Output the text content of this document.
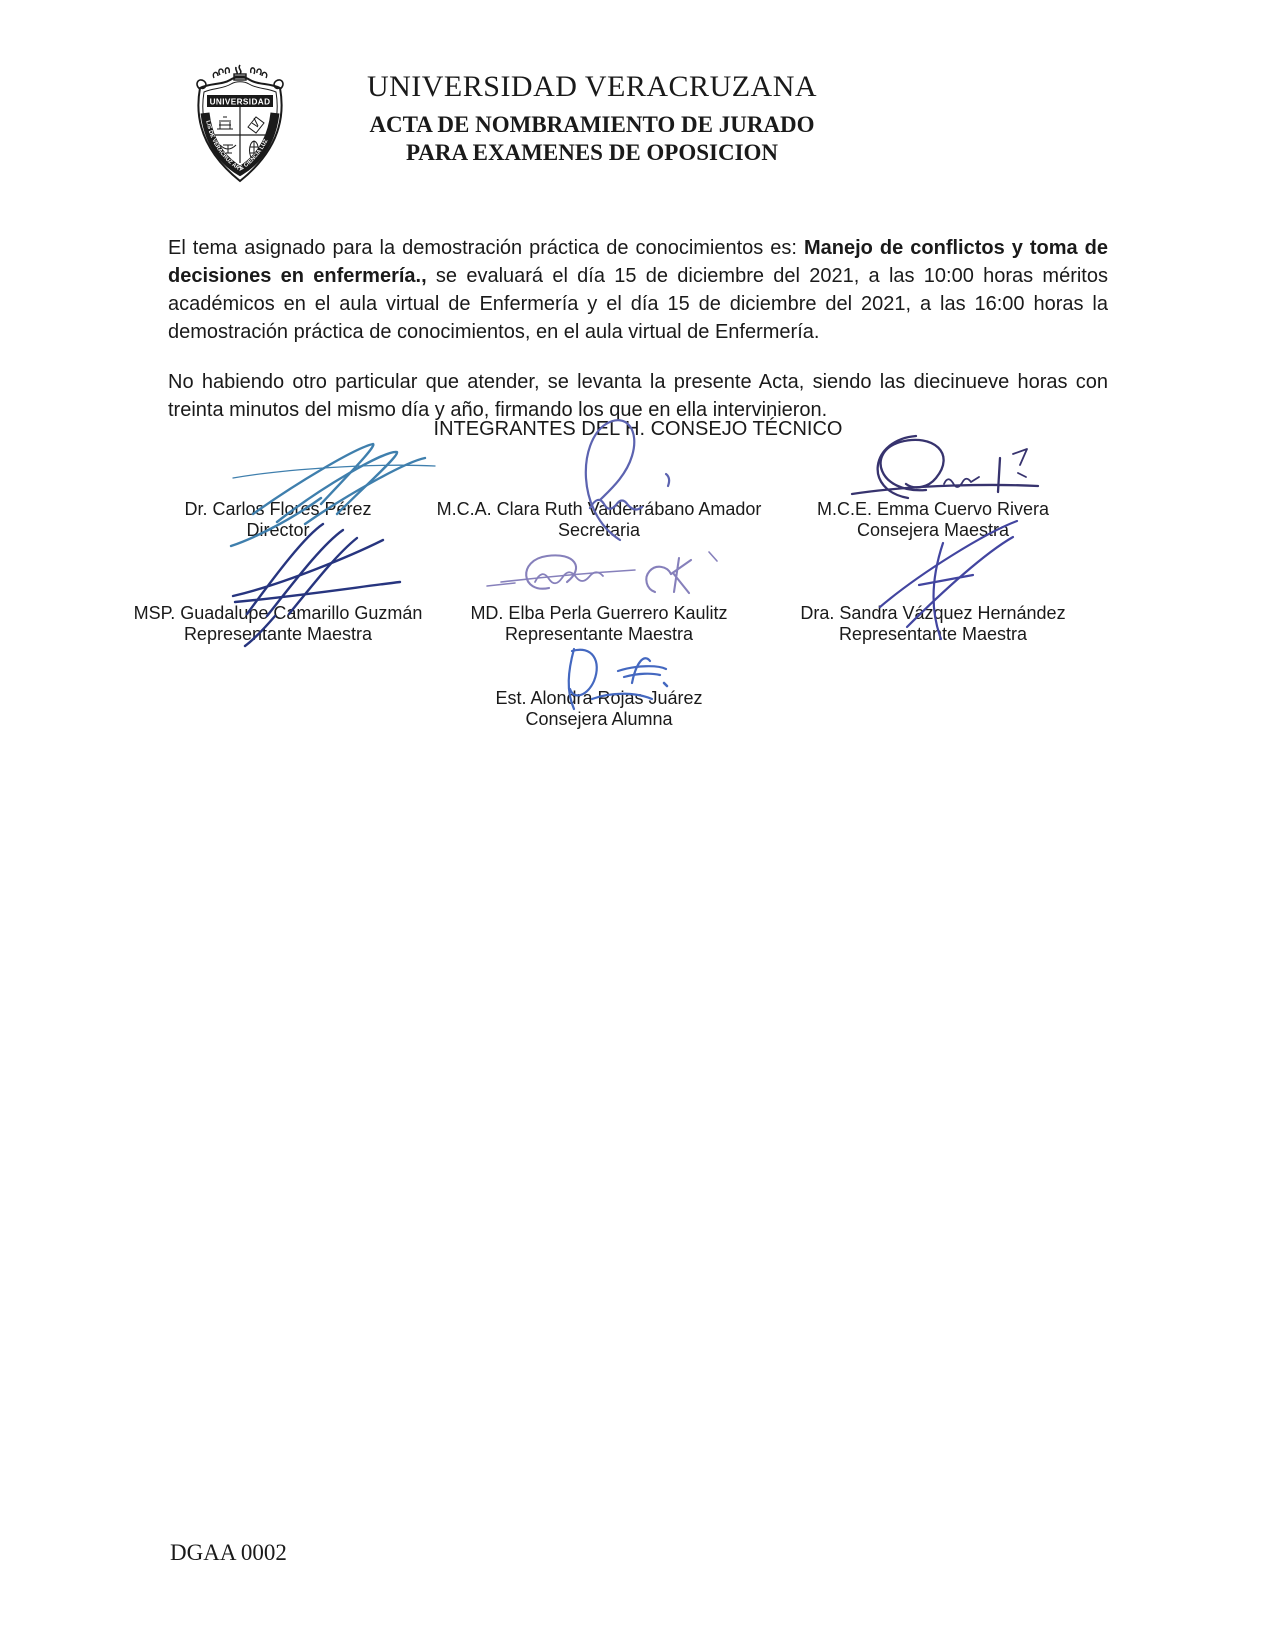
UNIVERSIDAD
LIS DE VERACRUZ ARTE CIENCIA LUZ
UNIVERSIDAD VERACRUZANA
ACTA DE NOMBRAMIENTO DE JURADO
PARA EXAMENES DE OPOSICION

El tema asignado para la demostración práctica de conocimientos es: Manejo de conflictos y toma de decisiones en enfermería., se evaluará el día 15 de diciembre del 2021, a las 10:00 horas méritos académicos en el aula virtual de Enfermería y el día 15 de diciembre del 2021, a las 16:00 horas la demostración práctica de conocimientos, en el aula virtual de Enfermería.

No habiendo otro particular que atender, se levanta la presente Acta, siendo las diecinueve horas con treinta minutos del mismo día y año, firmando los que en ella intervinieron.

INTEGRANTES DEL H. CONSEJO TÉCNICO
Dr. Carlos Flores Pérez
Director
M.C.A. Clara Ruth Valderrábano Amador
Secretaria
M.C.E. Emma Cuervo Rivera
Consejera Maestra
MSP. Guadalupe Camarillo Guzmán
Representante Maestra
MD. Elba Perla Guerrero Kaulitz
Representante Maestra
Dra. Sandra Vázquez Hernández
Representante Maestra
Est. Alondra Rojas Juárez
Consejera Alumna
DGAA 0002
